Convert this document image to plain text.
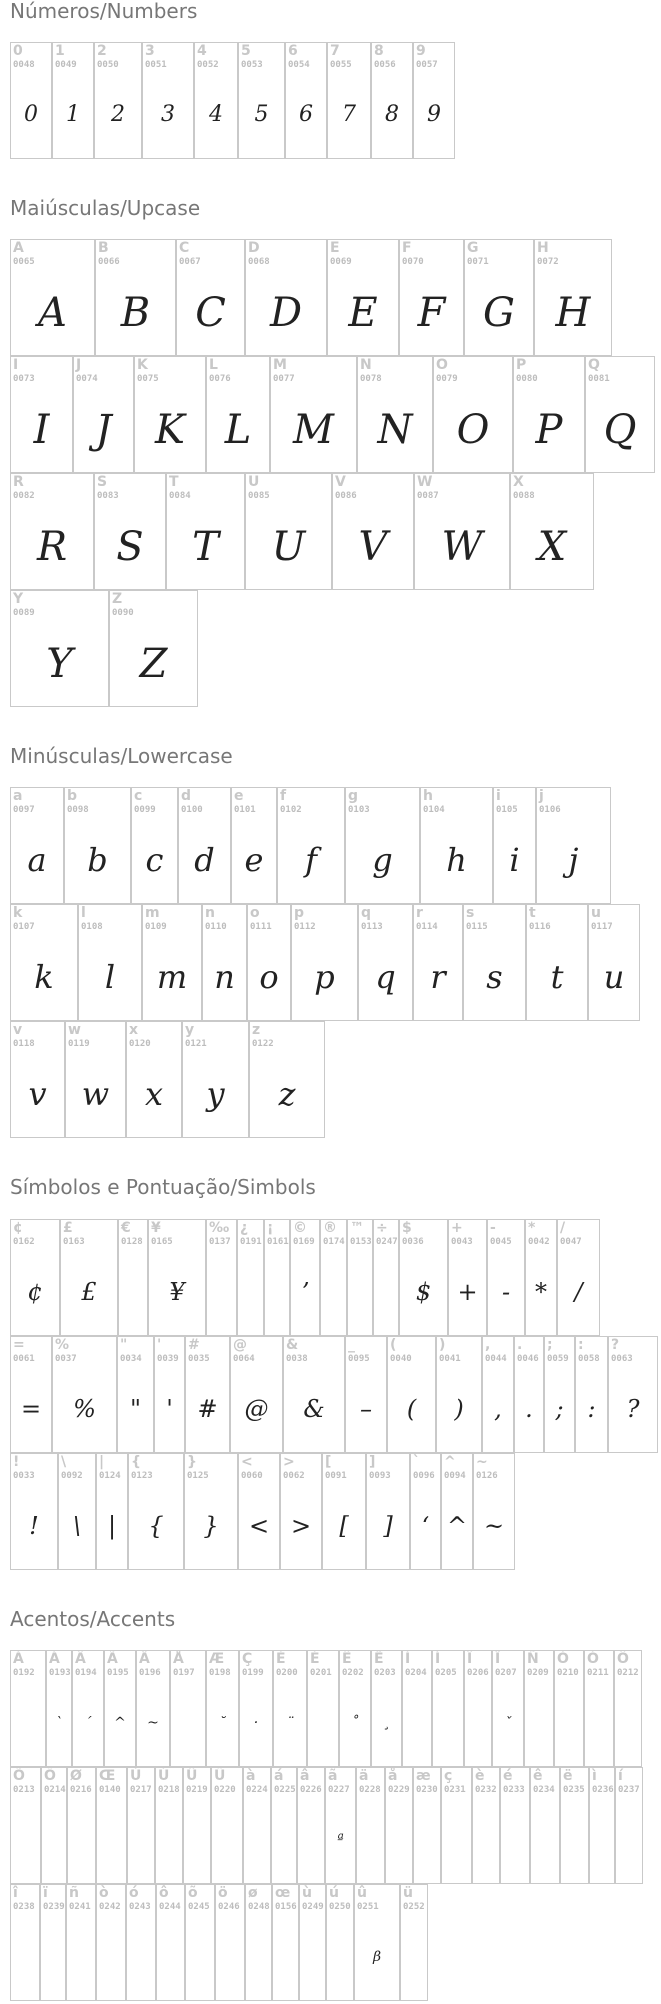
Números/Numbers
0
0048
0
1
0049
1
2
0050
2
3
0051
3
4
0052
4
5
0053
5
6
0054
6
7
0055
7
8
0056
8
9
0057
9
Maiúsculas/Upcase
A
0065
A
B
0066
B
C
0067
C
D
0068
D
E
0069
E
F
0070
F
G
0071
G
H
0072
H
I
0073
I
J
0074
J
K
0075
K
L
0076
L
M
0077
M
N
0078
N
O
0079
O
P
0080
P
Q
0081
Q
R
0082
R
S
0083
S
T
0084
T
U
0085
U
V
0086
V
W
0087
W
X
0088
X
Y
0089
Y
Z
0090
Z
Minúsculas/Lowercase
a
0097
a
b
0098
b
c
0099
c
d
0100
d
e
0101
e
f
0102
f
g
0103
g
h
0104
h
i
0105
i
j
0106
j
k
0107
k
l
0108
l
m
0109
m
n
0110
n
o
0111
o
p
0112
p
q
0113
q
r
0114
r
s
0115
s
t
0116
t
u
0117
u
v
0118
v
w
0119
w
x
0120
x
y
0121
y
z
0122
z
Símbolos e Pontuação/Simbols
¢
0162
¢
£
0163
£
€
0128
¥
0165
¥
‰
0137
¿
0191
¡
0161
©
0169
ʼ
®
0174
™
0153
÷
0247
$
0036
$
+
0043
+
-
0045
-
*
0042
*
/
0047
/
=
0061
=
%
0037
%
"
0034
"
'
0039
'
#
0035
#
@
0064
@
&
0038
&
_
0095
–
(
0040
(
)
0041
)
,
0044
,
.
0046
.
;
0059
;
:
0058
:
?
0063
?
!
0033
!
\
0092
\
|
0124
|
{
0123
{
}
0125
}
<
0060
<
>
0062
>
[
0091
[
]
0093
]
`
0096
ʻ
^
0094
^
~
0126
~
Acentos/Accents
À
0192
Á
0193
`
Â
0194
´
Ã
0195
^
Ä
0196
~
Å
0197
Æ
0198
˘
Ç
0199
·
È
0200
¨
É
0201
Ê
0202
˚
Ë
0203
¸
Ì
0204
Í
0205
Î
0206
Ï
0207
ˇ
Ñ
0209
Ò
0210
Ó
0211
Ô
0212
Õ
0213
Ö
0214
Ø
0216
Œ
0140
Ù
0217
Ú
0218
Û
0219
Ü
0220
à
0224
á
0225
â
0226
ã
0227
ª
ä
0228
å
0229
æ
0230
ç
0231
è
0232
é
0233
ê
0234
ë
0235
ì
0236
í
0237
î
0238
ï
0239
ñ
0241
ò
0242
ó
0243
ô
0244
õ
0245
ö
0246
ø
0248
œ
0156
ù
0249
ú
0250
û
0251
β
ü
0252
